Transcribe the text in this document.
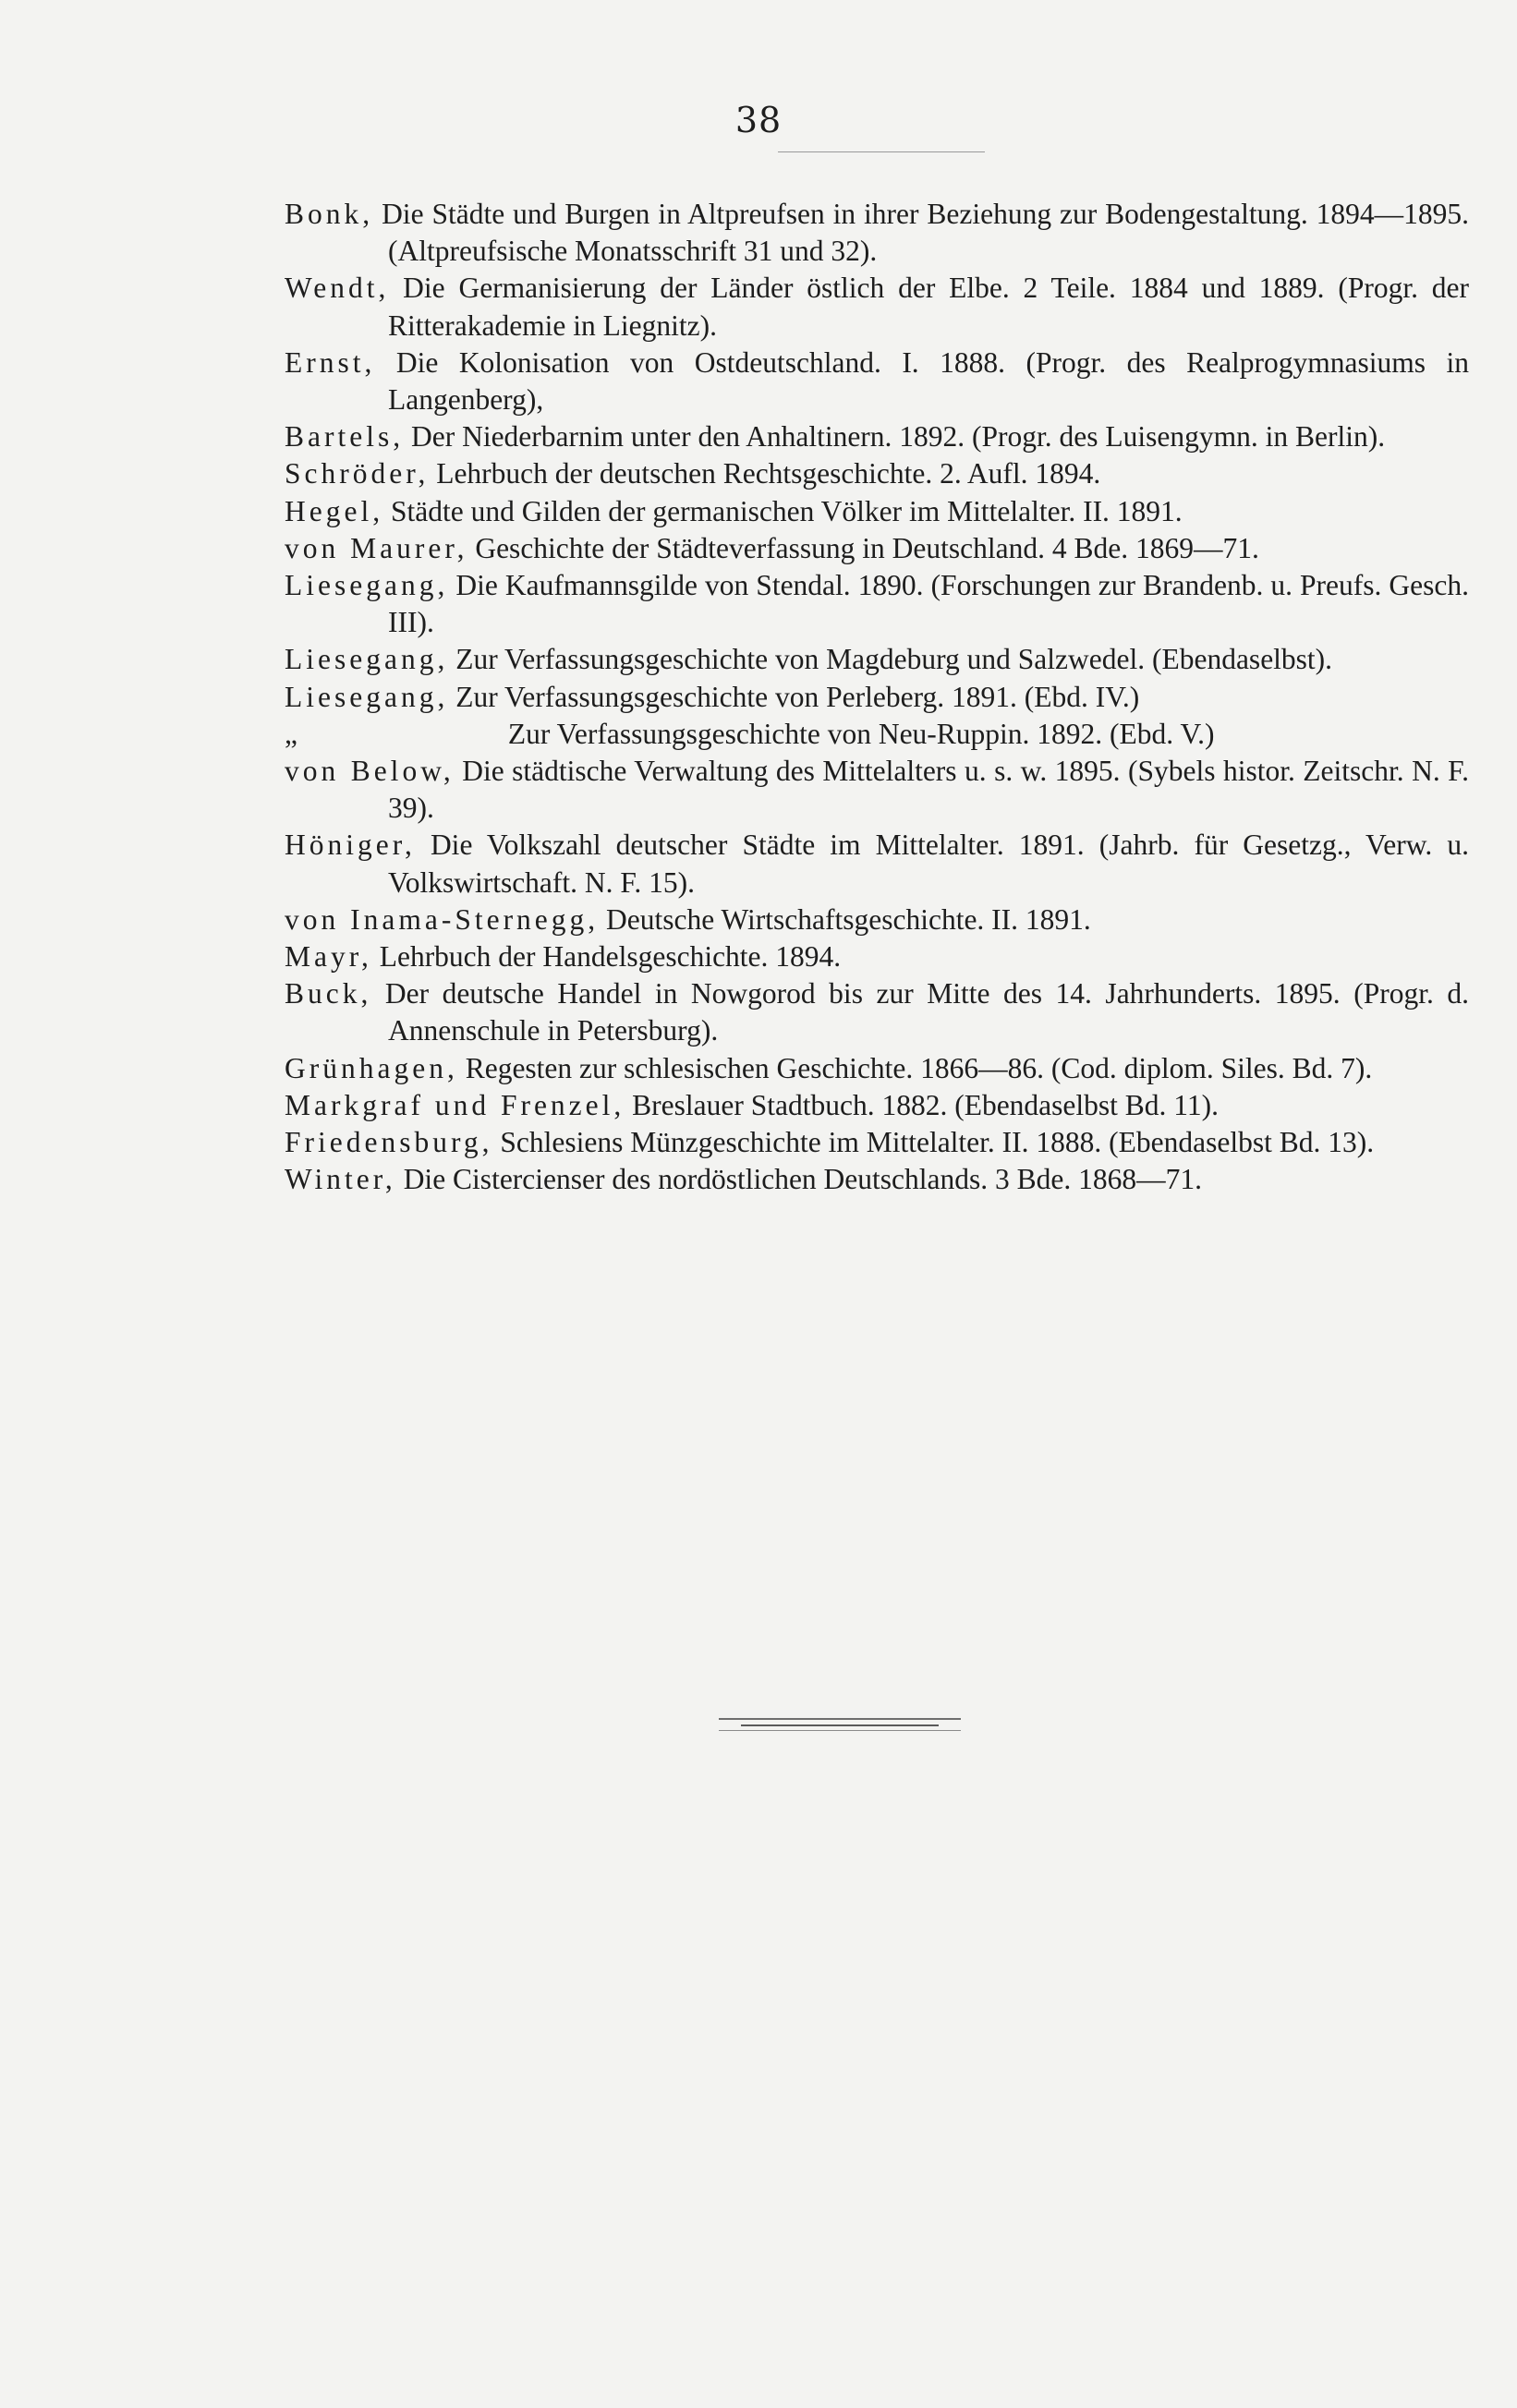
38
Bonk, Die Städte und Burgen in Altpreufsen in ihrer Beziehung zur Bodengestaltung. 1894—1895. (Altpreufsische Monatsschrift 31 und 32).
Wendt, Die Germanisierung der Länder östlich der Elbe. 2 Teile. 1884 und 1889. (Progr. der Ritterakademie in Liegnitz).
Ernst, Die Kolonisation von Ostdeutschland. I. 1888. (Progr. des Realprogymnasiums in Langenberg),
Bartels, Der Niederbarnim unter den Anhaltinern. 1892. (Progr. des Luisengymn. in Berlin).
Schröder, Lehrbuch der deutschen Rechtsgeschichte. 2. Aufl. 1894.
Hegel, Städte und Gilden der germanischen Völker im Mittelalter. II. 1891.
von Maurer, Geschichte der Städteverfassung in Deutschland. 4 Bde. 1869—71.
Liesegang, Die Kaufmannsgilde von Stendal. 1890. (Forschungen zur Brandenb. u. Preufs. Gesch. III).
Liesegang, Zur Verfassungsgeschichte von Magdeburg und Salzwedel. (Ebendaselbst).
Liesegang, Zur Verfassungsgeschichte von Perleberg. 1891. (Ebd. IV.)
„	Zur Verfassungsgeschichte von Neu-Ruppin. 1892. (Ebd. V.)
von Below, Die städtische Verwaltung des Mittelalters u. s. w. 1895. (Sybels histor. Zeitschr. N. F. 39).
Höniger, Die Volkszahl deutscher Städte im Mittelalter. 1891. (Jahrb. für Gesetzg., Verw. u. Volkswirtschaft. N. F. 15).
von Inama-Sternegg, Deutsche Wirtschaftsgeschichte. II. 1891.
Mayr, Lehrbuch der Handelsgeschichte. 1894.
Buck, Der deutsche Handel in Nowgorod bis zur Mitte des 14. Jahrhunderts. 1895. (Progr. d. Annenschule in Petersburg).
Grünhagen, Regesten zur schlesischen Geschichte. 1866—86. (Cod. diplom. Siles. Bd. 7).
Markgraf und Frenzel, Breslauer Stadtbuch. 1882. (Ebendaselbst Bd. 11).
Friedensburg, Schlesiens Münzgeschichte im Mittelalter. II. 1888. (Ebendaselbst Bd. 13).
Winter, Die Cistercienser des nordöstlichen Deutschlands. 3 Bde. 1868—71.
